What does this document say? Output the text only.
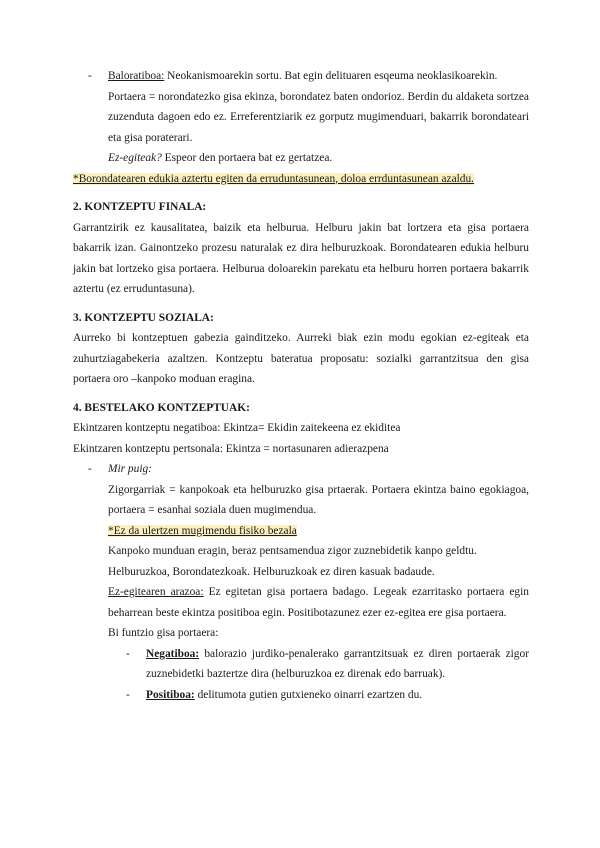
-	Baloratiboa: Neokanismoarekin sortu. Bat egin delituaren esqeuma neoklasikoarekin.

Portaera = norondatezko gisa ekinza, borondatez baten ondorioz. Berdin du aldaketa sortzea zuzenduta dagoen edo ez. Erreferentziarik ez gorputz mugimenduari, bakarrik borondateari eta gisa poraterari.

Ez-egiteak? Espeor den portaera bat ez gertatzea.

*Borondatearen edukia aztertu egiten da erruduntasunean, doloa errduntasunean azaldu.

2. KONTZEPTU FINALA:

Garrantzirik ez kausalitatea, baizik eta helburua. Helburu jakin bat lortzera eta gisa portaera bakarrik izan. Gainontzeko prozesu naturalak ez dira helburuzkoak. Borondatearen edukia helburu jakin bat lortzeko gisa portaera. Helburua doloarekin parekatu eta helburu horren portaera bakarrik aztertu (ez erruduntasuna).

3. KONTZEPTU SOZIALA:

Aurreko bi kontzeptuen gabezia gainditzeko. Aurreki biak ezin modu egokian ez-egiteak eta zuhurtziagabekeria azaltzen. Kontzeptu bateratua proposatu: sozialki garrantzitsua den gisa portaera oro –kanpoko moduan eragina.

4. BESTELAKO KONTZEPTUAK:

Ekintzaren kontzeptu negatiboa: Ekintza= Ekidin zaitekeena ez ekiditea

Ekintzaren kontzeptu pertsonala: Ekintza = nortasunaren adierazpena

-	Mir puig:

Zigorgarriak = kanpokoak eta helburuzko gisa prtaerak. Portaera ekintza baino egokiagoa, portaera = esanhai soziala duen mugimendua.

*Ez da ulertzen mugimendu fisiko bezala

Kanpoko munduan eragin, beraz pentsamendua zigor zuznebidetik kanpo geldtu.

Helburuzkoa, Borondatezkoak. Helburuzkoak ez diren kasuak badaude.

Ez-egitearen arazoa: Ez egitetan gisa portaera badago. Legeak ezarritasko portaera egin beharrean beste ekintza positiboa egin. Positibotazunez ezer ez-egitea ere gisa portaera.

Bi funtzio gisa portaera:

-	Negatiboa: balorazio jurdiko-penalerako garrantzitsuak ez diren portaerak zigor zuznebidetki baztertze dira (helburuzkoa ez direnak edo barruak).

-	Positiboa: delitumota gutien gutxieneko oinarri ezartzen du.
